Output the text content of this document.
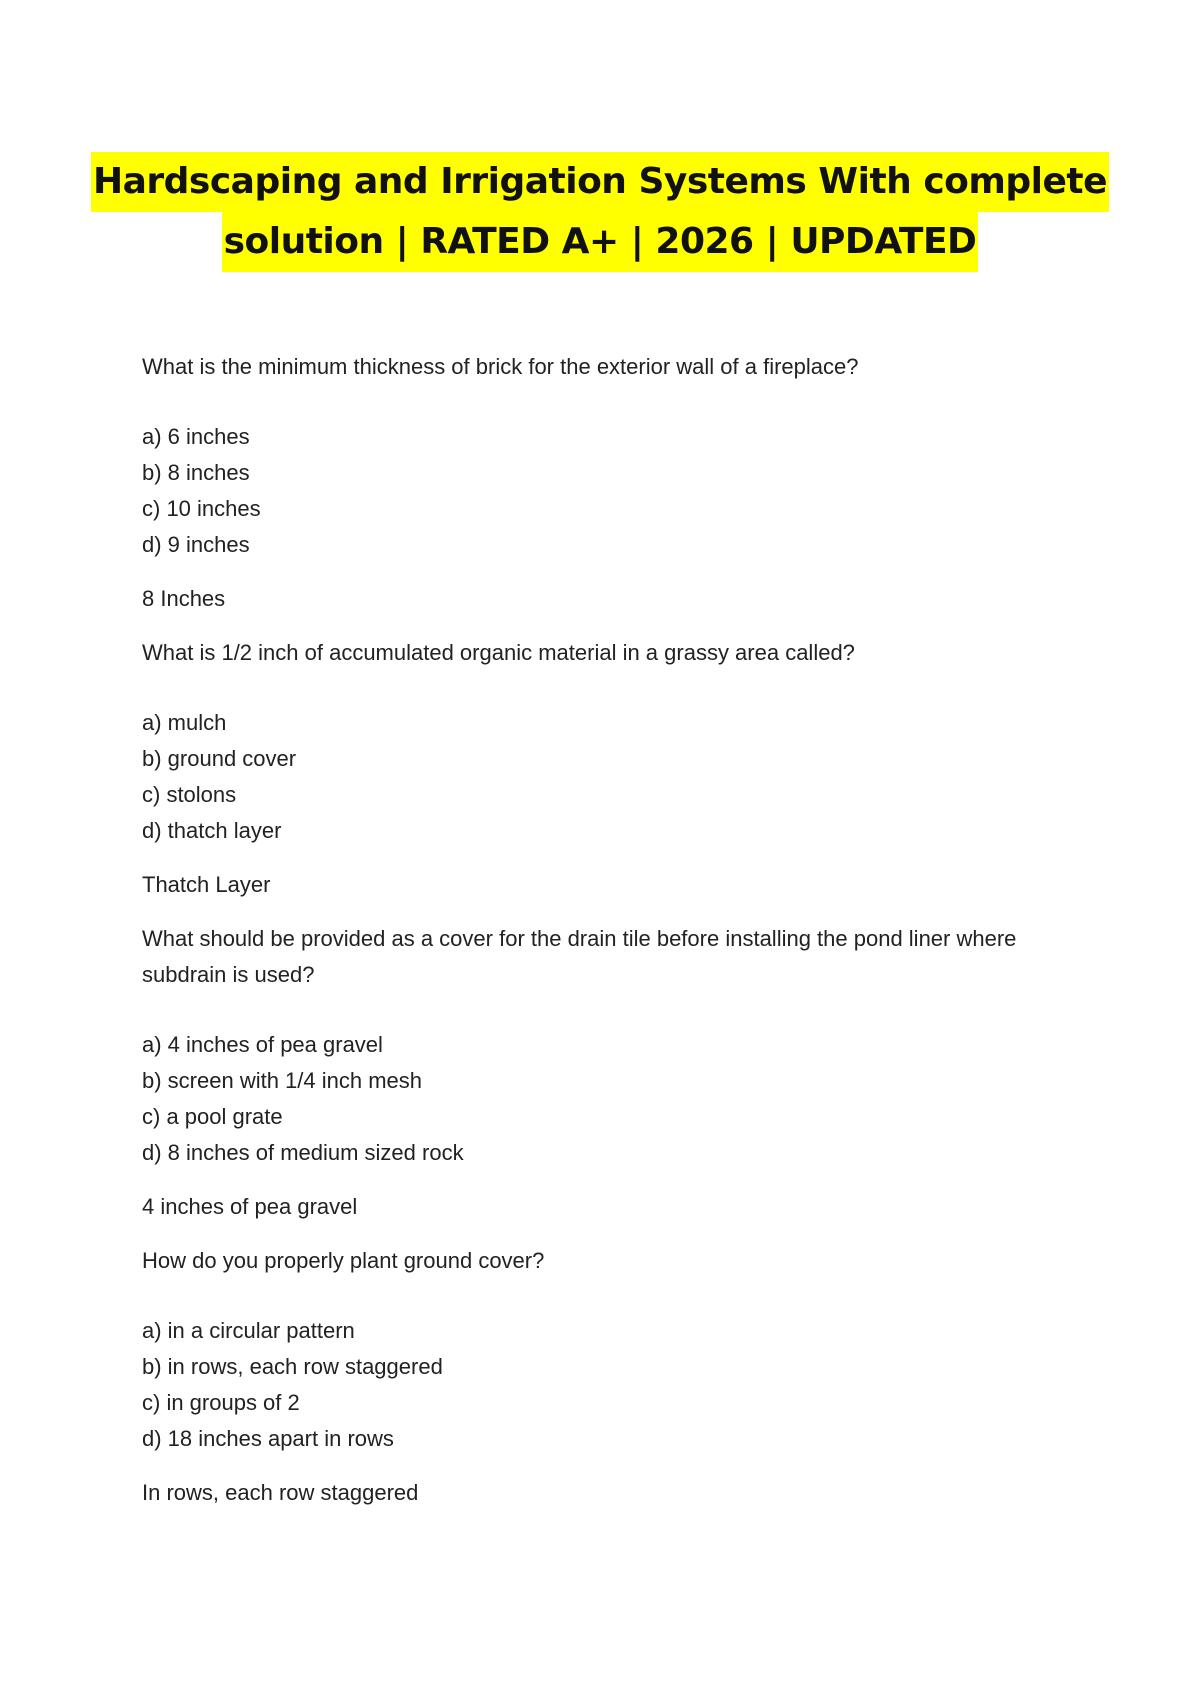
Hardscaping and Irrigation Systems With complete
solution | RATED A+ | 2026 | UPDATED

What is the minimum thickness of brick for the exterior wall of a fireplace?

a) 6 inches
b) 8 inches
c) 10 inches
d) 9 inches

8 Inches

What is 1/2 inch of accumulated organic material in a grassy area called?

a) mulch
b) ground cover
c) stolons
d) thatch layer

Thatch Layer

What should be provided as a cover for the drain tile before installing the pond liner where subdrain is used?

a) 4 inches of pea gravel
b) screen with 1/4 inch mesh
c) a pool grate
d) 8 inches of medium sized rock

4 inches of pea gravel

How do you properly plant ground cover?

a) in a circular pattern
b) in rows, each row staggered
c) in groups of 2
d) 18 inches apart in rows

In rows, each row staggered
